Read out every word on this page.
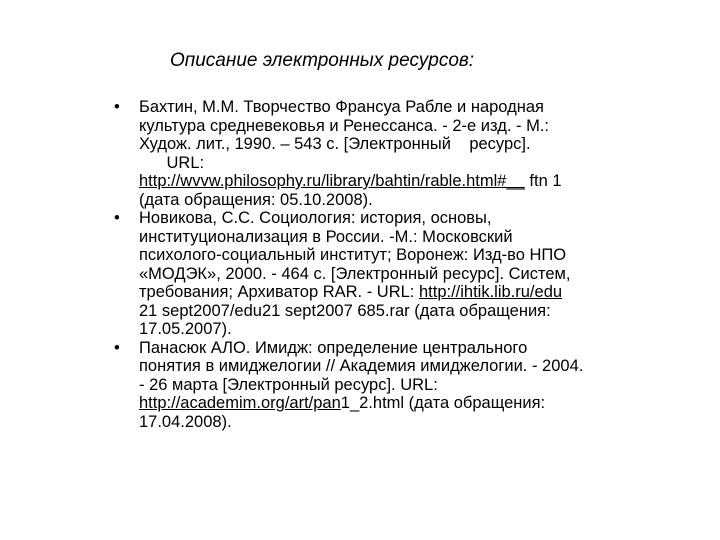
Описание электронных ресурсов:
•	Бахтин, М.М. Творчество Франсуа Рабле и народная
культура средневековья и Ренессанса. - 2-е изд. - М.:
Худож. лит., 1990. – 543 с. [Электронный    ресурс].
URL:
http://wvvw.philosophy.ru/library/bahtin/rable.html#__ ftn 1
(дата обращения: 05.10.2008).
•	Новикова, С.С. Социология: история, основы,
институционализация в России. -М.: Московский
психолого-социальный институт; Воронеж: Изд-во НПО
«МОДЭК», 2000. - 464 с. [Электронный ресурс]. Систем,
требования; Архиватор RAR. - URL: http://ihtik.lib.ru/edu
21 sept2007/edu21 sept2007 685.rar (дата обращения:
17.05.2007).
•	Панасюк АЛО. Имидж: определение центрального
понятия в имиджелогии // Академия имиджелогии. - 2004.
- 26 марта [Электронный ресурс]. URL:
http://academim.org/art/pan1_2.html (дата обращения:
17.04.2008).
